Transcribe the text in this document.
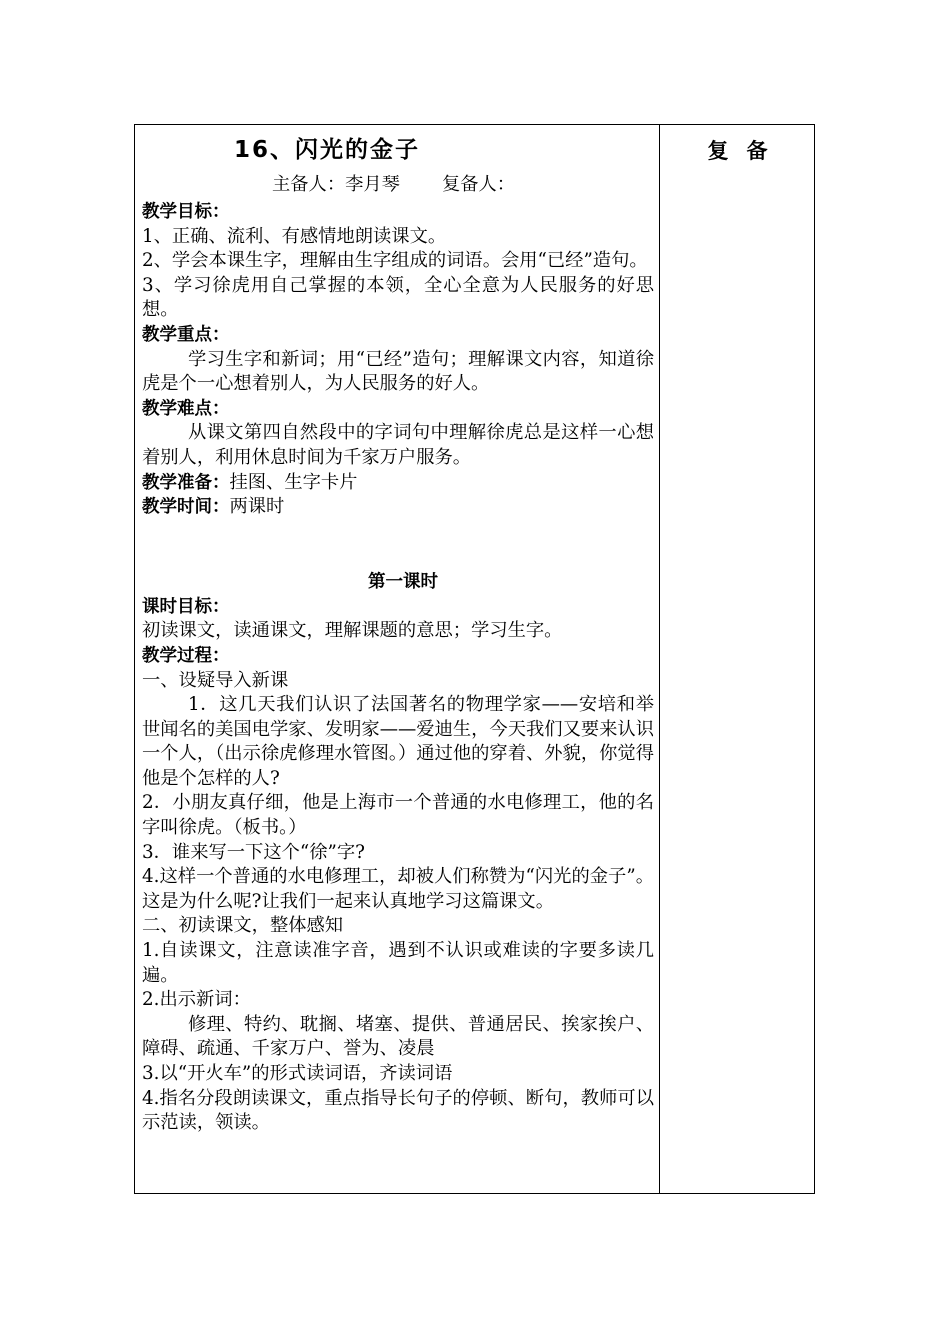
复备
16、闪光的金子
主备人：李月琴 复备人：
教学目标：
1、正确、流利、有感情地朗读课文。
2、学会本课生字，理解由生字组成的词语。会用“已经”造句。
3、学习徐虎用自己掌握的本领，全心全意为人民服务的好思想。
教学重点：
学习生字和新词；用“已经”造句；理解课文内容，知道徐虎是个一心想着别人，为人民服务的好人。
教学难点：
从课文第四自然段中的字词句中理解徐虎总是这样一心想着别人，利用休息时间为千家万户服务。
教学准备：挂图、生字卡片
教学时间：两课时
第一课时
课时目标：
初读课文，读通课文，理解课题的意思；学习生字。
教学过程：
一、设疑导入新课
1．这几天我们认识了法国著名的物理学家——安培和举世闻名的美国电学家、发明家——爱迪生，今天我们又要来认识一个人，（出示徐虎修理水管图。）通过他的穿着、外貌，你觉得他是个怎样的人?
2．小朋友真仔细，他是上海市一个普通的水电修理工，他的名字叫徐虎。（板书。）
3．谁来写一下这个“徐”字?
4.这样一个普通的水电修理工，却被人们称赞为“闪光的金子”。这是为什么呢?让我们一起来认真地学习这篇课文。
二、初读课文，整体感知
1.自读课文，注意读准字音，遇到不认识或难读的字要多读几遍。
2.出示新词：
修理、特约、耽搁、堵塞、提供、普通居民、挨家挨户、障碍、疏通、千家万户、誉为、凌晨
3.以“开火车”的形式读词语，齐读词语
4.指名分段朗读课文，重点指导长句子的停顿、断句，教师可以示范读，领读。
